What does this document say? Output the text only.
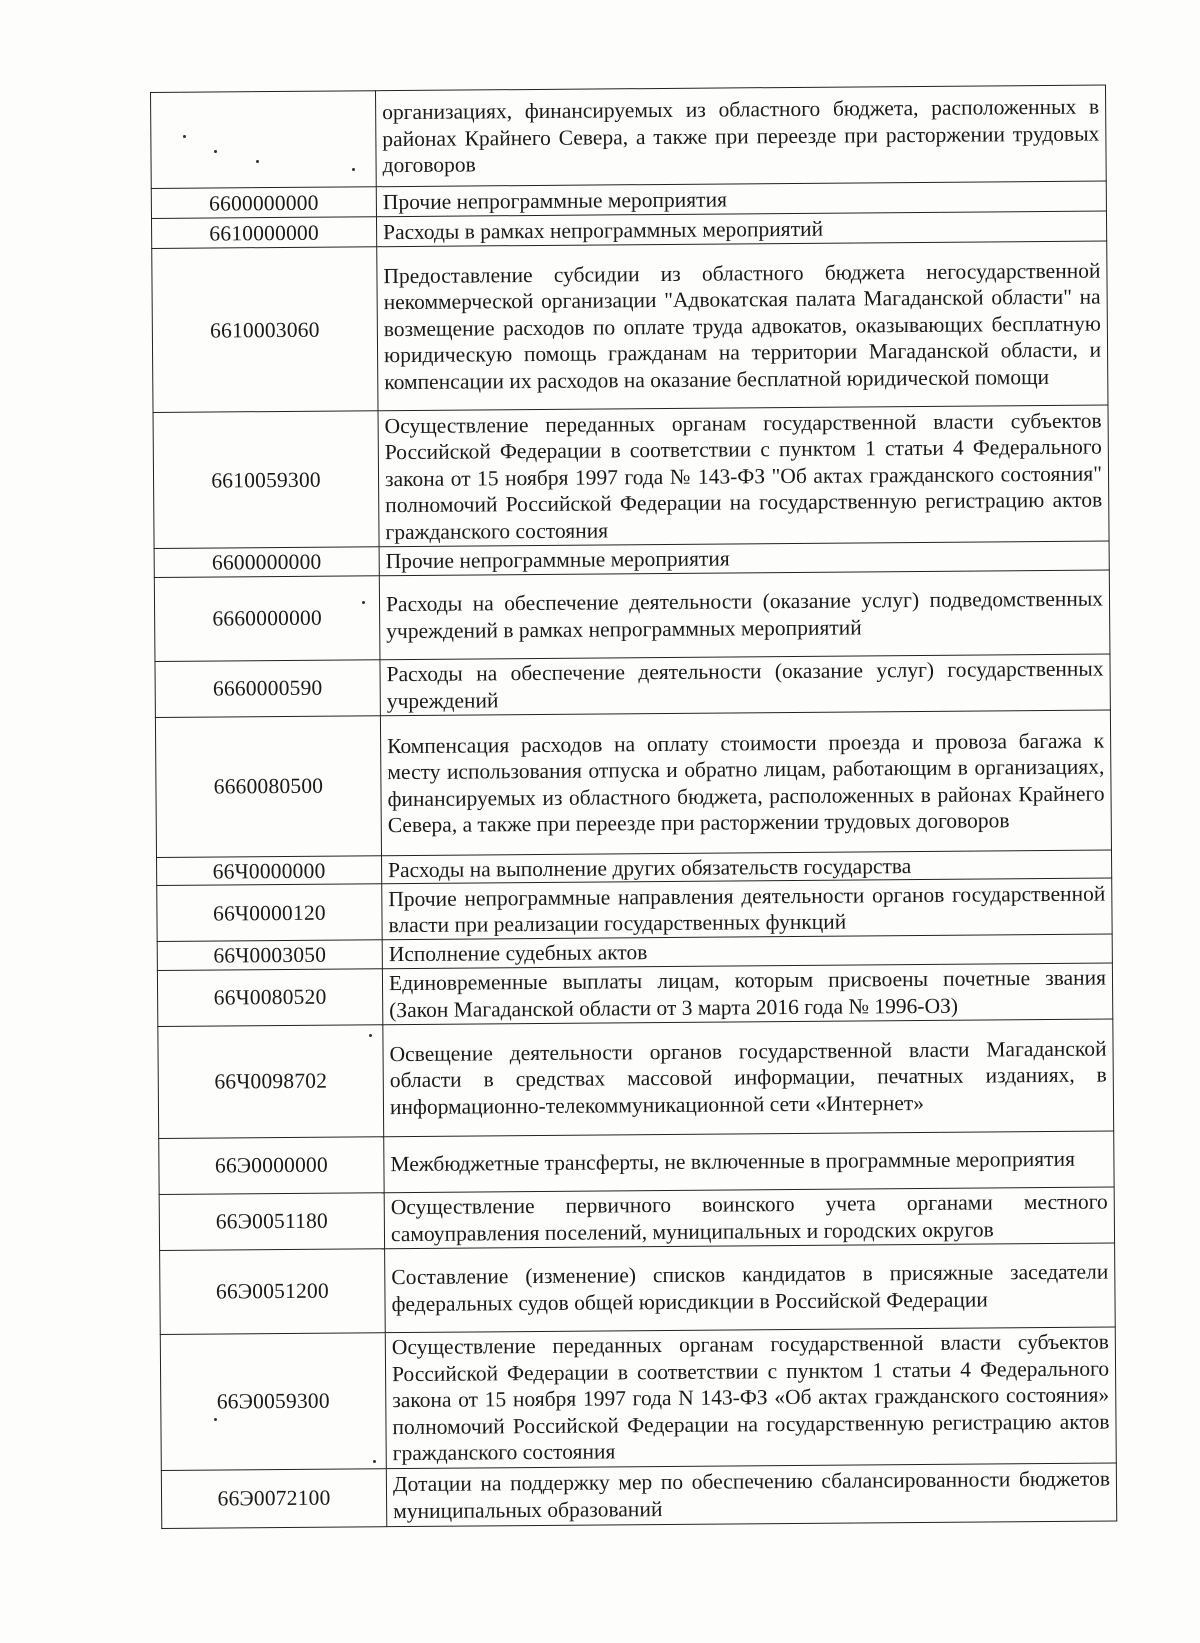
	организациях, финансируемых из областного бюджета, расположенных в районах Крайнего Севера, а также при переезде при расторжении трудовых договоров
6600000000	Прочие непрограммные мероприятия
6610000000	Расходы в рамках непрограммных мероприятий
6610003060	Предоставление субсидии из областного бюджета негосударственной некоммерческой организации "Адвокатская палата Магаданской области" на возмещение расходов по оплате труда адвокатов, оказывающих бесплатную юридическую помощь гражданам на территории Магаданской области, и компенсации их расходов на оказание бесплатной юридической помощи
6610059300	Осуществление переданных органам государственной власти субъектов Российской Федерации в соответствии с пунктом 1 статьи 4 Федерального закона от 15 ноября 1997 года № 143-ФЗ "Об актах гражданского состояния" полномочий Российской Федерации на государственную регистрацию актов гражданского состояния
6600000000	Прочие непрограммные мероприятия
6660000000	Расходы на обеспечение деятельности (оказание услуг) подведомственных учреждений в рамках непрограммных мероприятий
6660000590	Расходы на обеспечение деятельности (оказание услуг) государственных учреждений
6660080500	Компенсация расходов на оплату стоимости проезда и провоза багажа к месту использования отпуска и обратно лицам, работающим в организациях, финансируемых из областного бюджета, расположенных в районах Крайнего Севера, а также при переезде при расторжении трудовых договоров
66Ч0000000	Расходы на выполнение других обязательств государства
66Ч0000120	Прочие непрограммные направления деятельности органов государственной власти при реализации государственных функций
66Ч0003050	Исполнение судебных актов
66Ч0080520	Единовременные выплаты лицам, которым присвоены почетные звания (Закон Магаданской области от 3 марта 2016 года № 1996-ОЗ)
66Ч0098702	Освещение деятельности органов государственной власти Магаданской области в средствах массовой информации, печатных изданиях, в информационно-телекоммуникационной сети «Интернет»
66Э0000000	Межбюджетные трансферты, не включенные в программные мероприятия
66Э0051180	Осуществление первичного воинского учета органами местного самоуправления поселений, муниципальных и городских округов
66Э0051200	Составление (изменение) списков кандидатов в присяжные заседатели федеральных судов общей юрисдикции в Российской Федерации
66Э0059300	Осуществление переданных органам государственной власти субъектов Российской Федерации в соответствии с пунктом 1 статьи 4 Федерального закона от 15 ноября 1997 года N 143-ФЗ «Об актах гражданского состояния» полномочий Российской Федерации на государственную регистрацию актов гражданского состояния
66Э0072100	Дотации на поддержку мер по обеспечению сбалансированности бюджетов муниципальных образований
